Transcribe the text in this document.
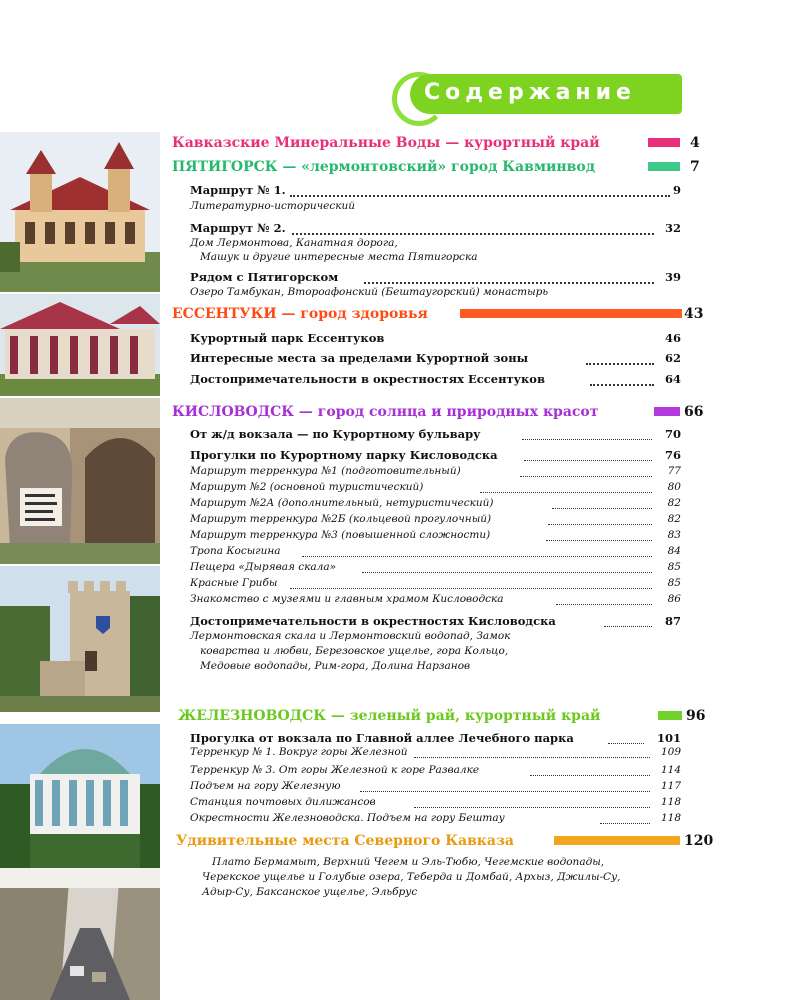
Содержание
Кавказские Минеральные Воды — курортный край	4
ПЯТИГОРСК — «лермонтовский» город Кавминвод	7
Маршрут № 1.	9
Литературно-исторический
Маршрут № 2.	32
Дом Лермонтова, Канатная дорога,
Машук и другие интересные места Пятигорска
Рядом с Пятигорском	39
Озеро Тамбукан, Второафонский (Бештаугорский) монастырь
ЕССЕНТУКИ — город здоровья	43
Курортный парк Ессентуков	46
Интересные места за пределами Курортной зоны	62
Достопримечательности в окрестностях Ессентуков	64
КИСЛОВОДСК — город солнца и природных красот	66
От ж/д вокзала — по Курортному бульвару	70
Прогулки по Курортному парку Кисловодска	76
Маршрут терренкура №1 (подготовительный)	77
Маршрут №2 (основной туристический)	80
Маршрут №2А (дополнительный, нетуристический)	82
Маршрут терренкура №2Б (кольцевой прогулочный)	82
Маршрут терренкура №3 (повышенной сложности)	83
Тропа Косыгина	84
Пещера «Дырявая скала»	85
Красные Грибы	85
Знакомство с музеями и главным храмом Кисловодска	86
Достопримечательности в окрестностях Кисловодска	87
Лермонтовская скала и Лермонтовский водопад, Замок
коварства и любви, Березовское ущелье, гора Кольцо,
Медовые водопады, Рим-гора, Долина Нарзанов
ЖЕЛЕЗНОВОДСК — зеленый рай, курортный край	96
Прогулка от вокзала по Главной аллее Лечебного парка	101
Терренкур № 1. Вокруг горы Железной	109
Терренкур № 3. От горы Железной к горе Развалке	114
Подъем на гору Железную	117
Станция почтовых дилижансов	118
Окрестности Железноводска. Подъем на гору Бештау	118
Удивительные места Северного Кавказа	120
Плато Бермамыт, Верхний Чегем и Эль-Тюбю, Чегемские водопады,
Черекское ущелье и Голубые озера, Теберда и Домбай, Архыз, Джилы-Су,
Адыр-Су, Баксанское ущелье, Эльбрус
